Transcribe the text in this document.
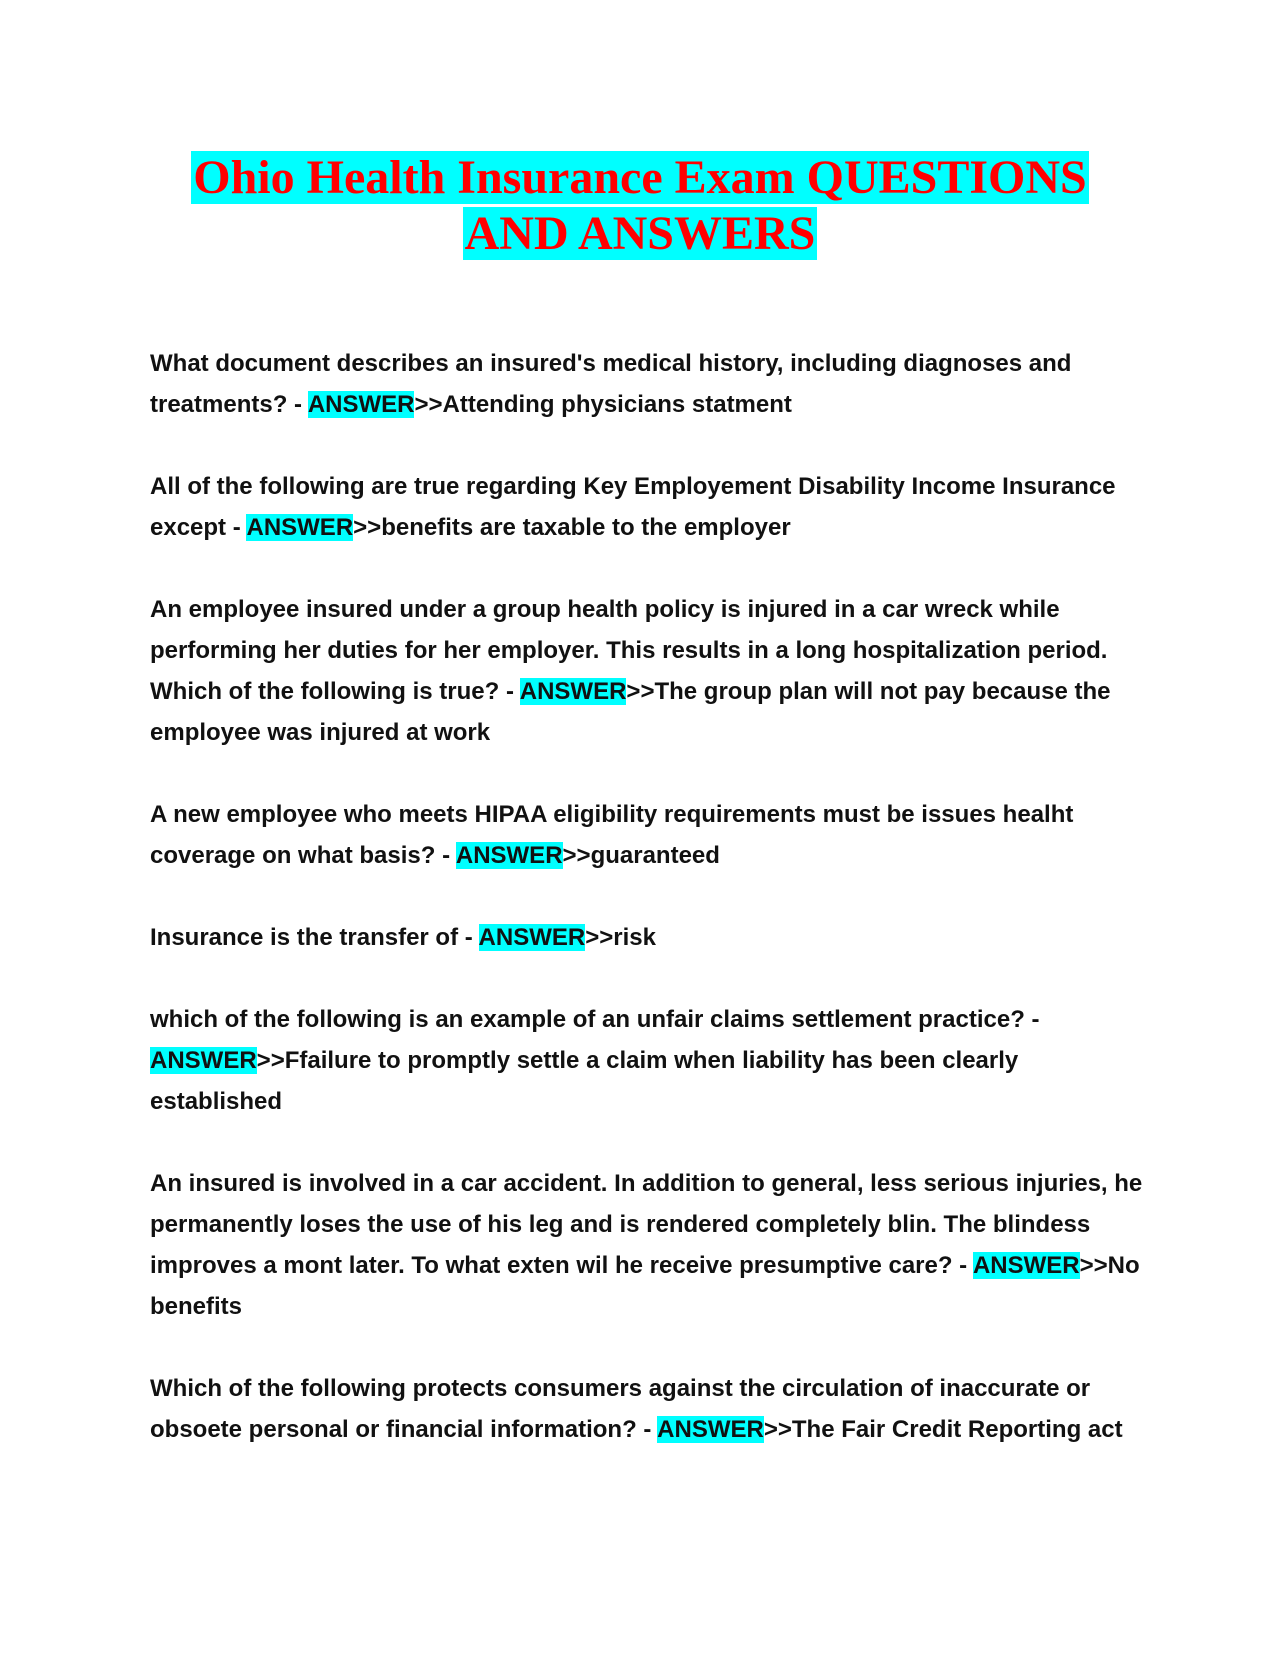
Ohio Health Insurance Exam QUESTIONS
AND ANSWERS

What document describes an insured's medical history, including diagnoses and treatments? - ANSWER>>Attending physicians statment

All of the following are true regarding Key Employement Disability Income Insurance except - ANSWER>>benefits are taxable to the employer

An employee insured under a group health policy is injured in a car wreck while performing her duties for her employer. This results in a long hospitalization period. Which of the following is true? - ANSWER>>The group plan will not pay because the employee was injured at work

A new employee who meets HIPAA eligibility requirements must be issues healht coverage on what basis? - ANSWER>>guaranteed

Insurance is the transfer of - ANSWER>>risk

which of the following is an example of an unfair claims settlement practice? - ANSWER>>Ffailure to promptly settle a claim when liability has been clearly established

An insured is involved in a car accident. In addition to general, less serious injuries, he permanently loses the use of his leg and is rendered completely blin. The blindess improves a mont later. To what exten wil he receive presumptive care? - ANSWER>>No benefits

Which of the following protects consumers against the circulation of inaccurate or obsoete personal or financial information? - ANSWER>>The Fair Credit Reporting act
